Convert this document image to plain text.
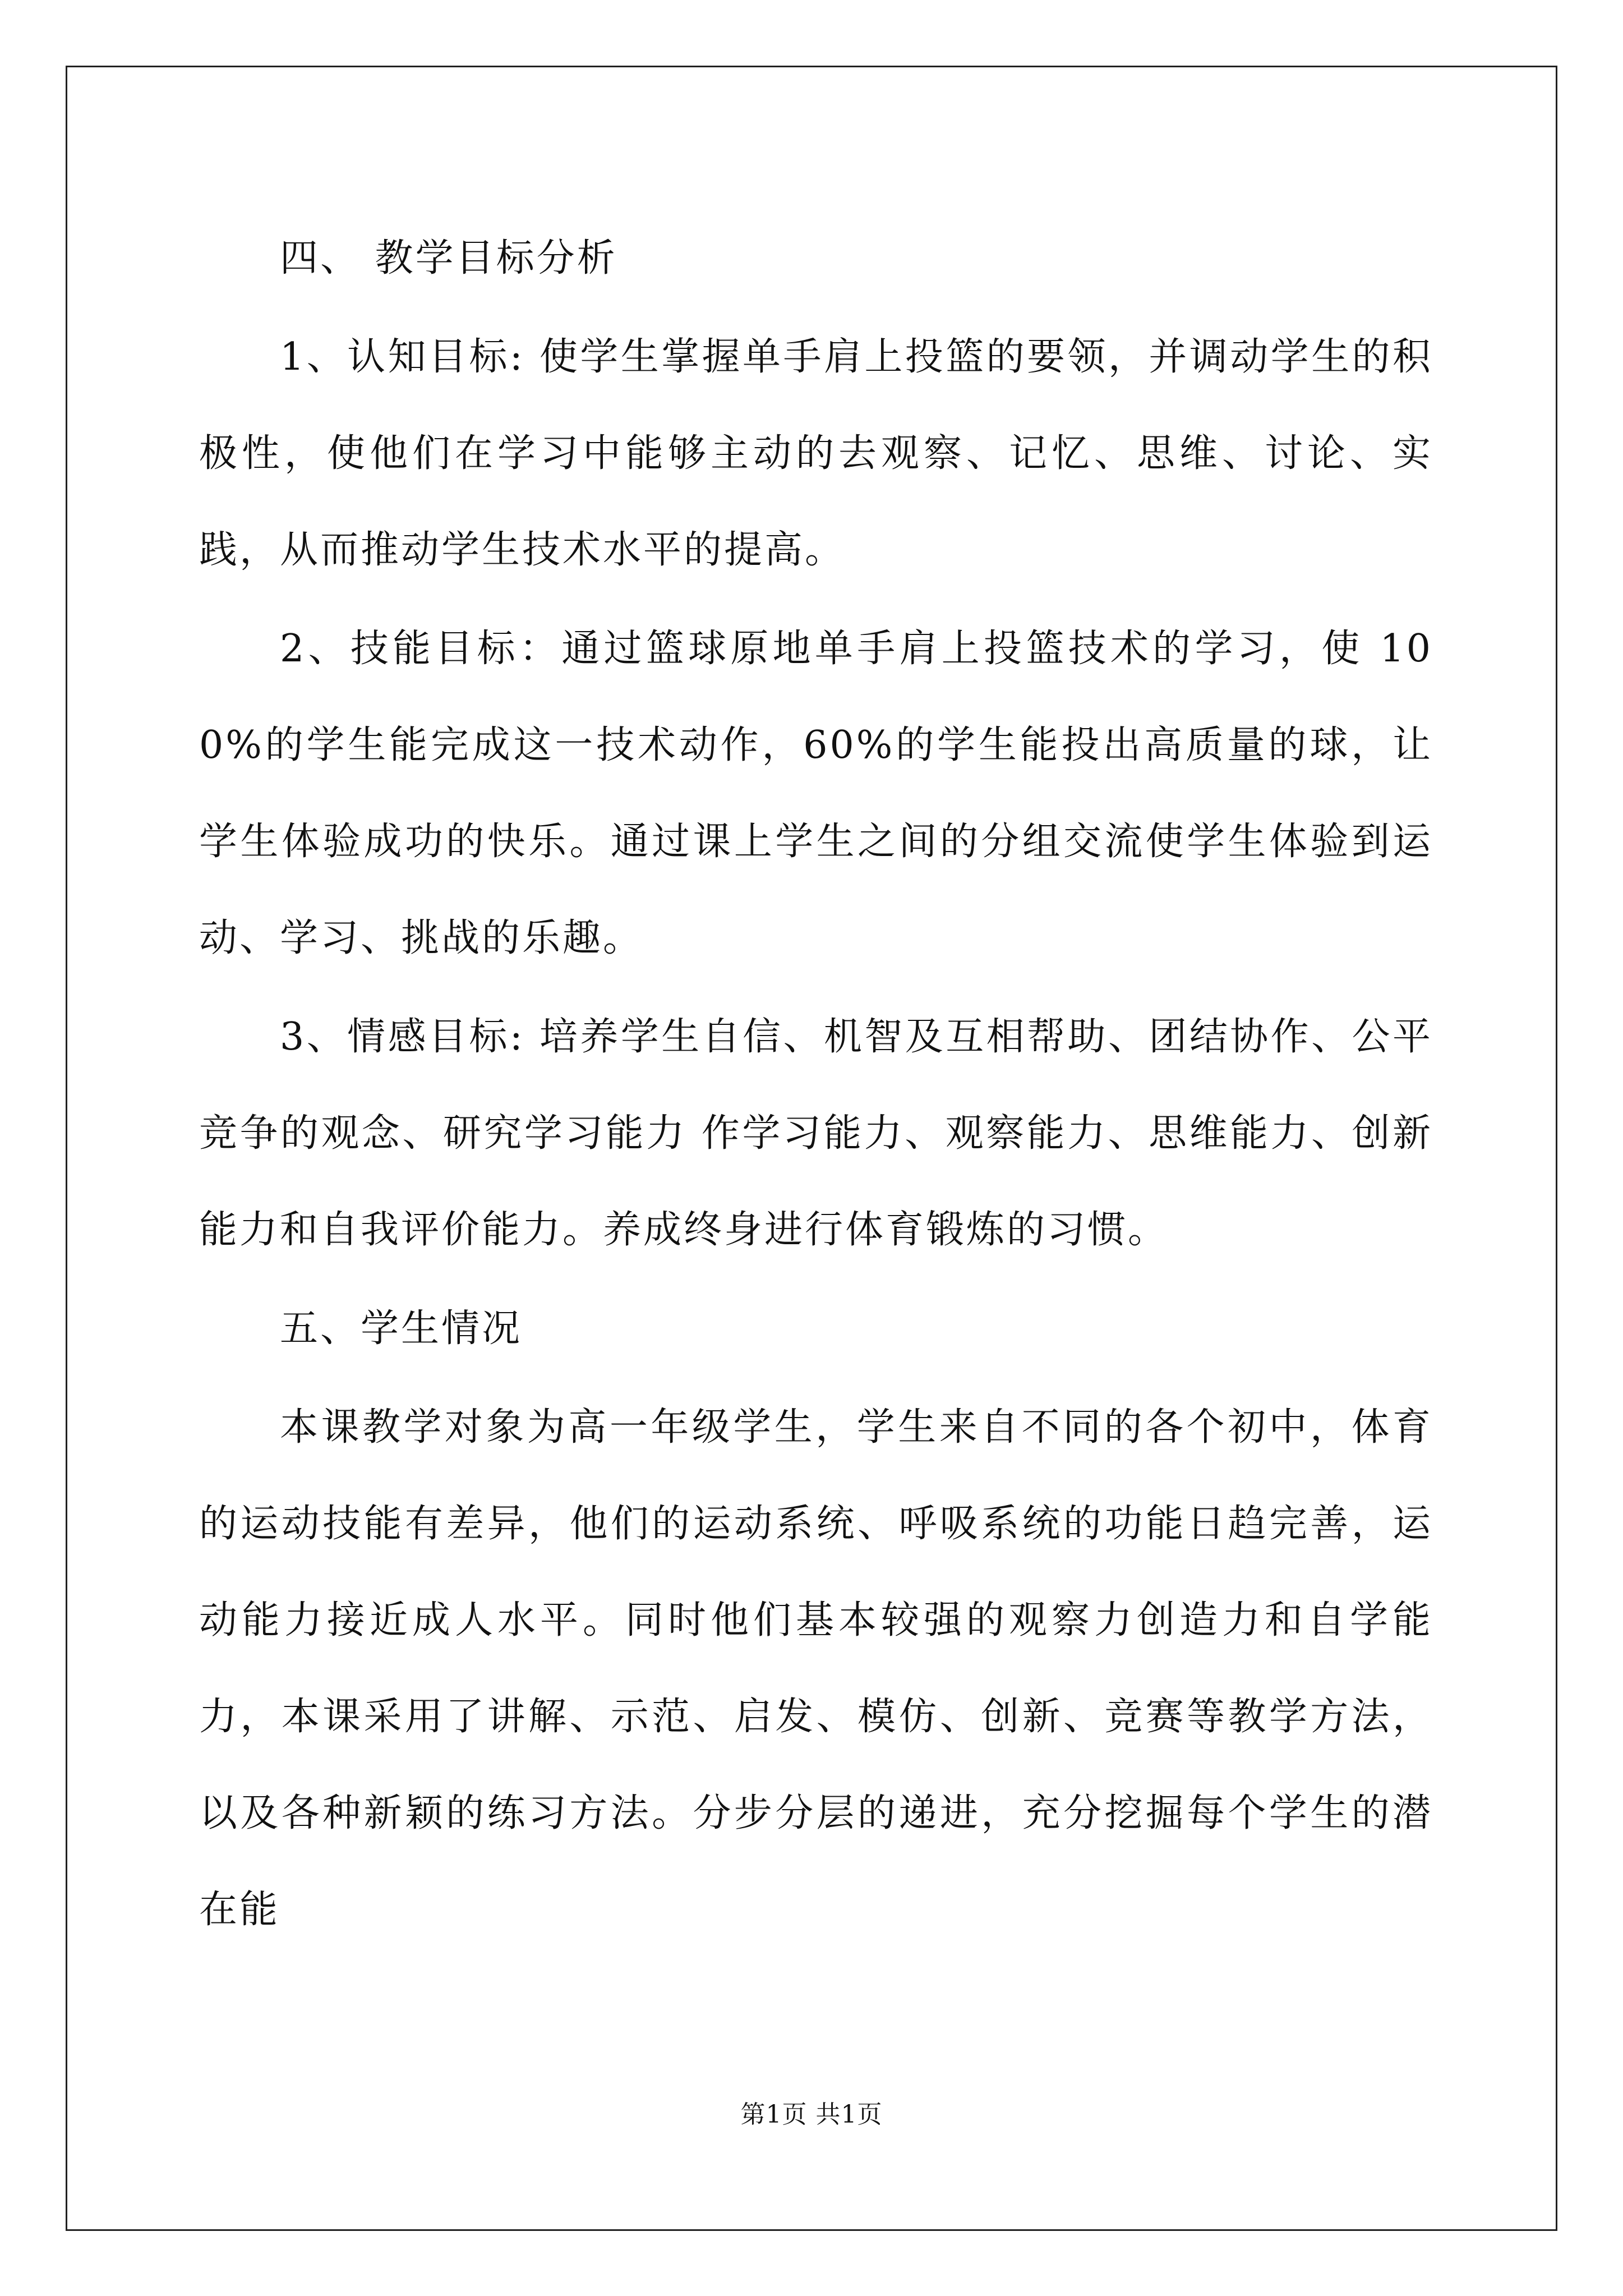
四、 教学目标分析

1、认知目标: 使学生掌握单手肩上投篮的要领，并调动学生的积极性，使他们在学习中能够主动的去观察、记忆、思维、讨论、实践，从而推动学生技术水平的提高。

2、技能目标：通过篮球原地单手肩上投篮技术的学习，使 100%的学生能完成这一技术动作，60%的学生能投出高质量的球，让学生体验成功的快乐。通过课上学生之间的分组交流使学生体验到运动、学习、挑战的乐趣。

3、情感目标: 培养学生自信、机智及互相帮助、团结协作、公平竞争的观念、研究学习能力 作学习能力、观察能力、思维能力、创新能力和自我评价能力。养成终身进行体育锻炼的习惯。

五、学生情况

本课教学对象为高一年级学生，学生来自不同的各个初中，体育的运动技能有差异，他们的运动系统、呼吸系统的功能日趋完善，运动能力接近成人水平。同时他们基本较强的观察力创造力和自学能力，本课采用了讲解、示范、启发、模仿、创新、竞赛等教学方法，以及各种新颖的练习方法。分步分层的递进，充分挖掘每个学生的潜在能

第1页 共1页
